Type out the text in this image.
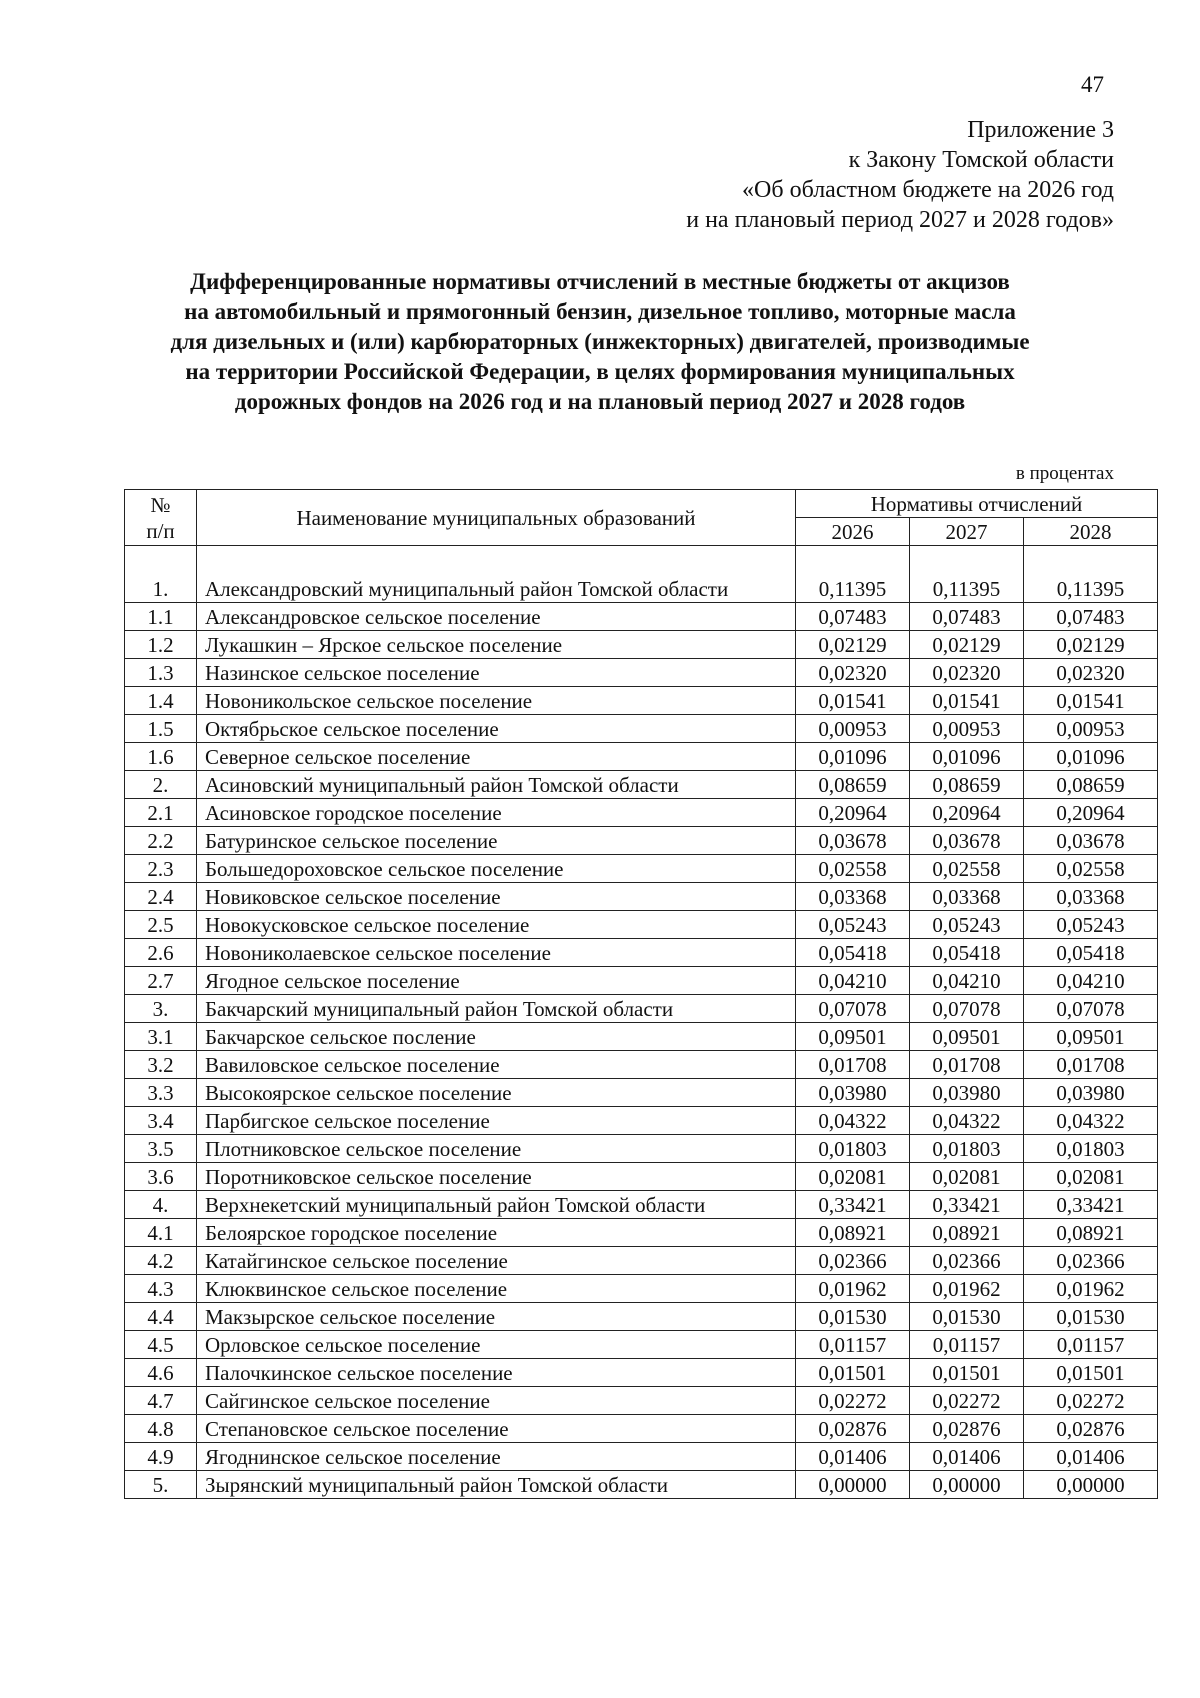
47
Приложение 3
к Закону Томской области
«Об областном бюджете на 2026 год
и на плановый период 2027 и 2028 годов»
Дифференцированные нормативы отчислений в местные бюджеты от акцизов
на автомобильный и прямогонный бензин, дизельное топливо, моторные масла
для дизельных и (или) карбюраторных (инжекторных) двигателей, производимые
на территории Российской Федерации, в целях формирования муниципальных
дорожных фондов на 2026 год и на плановый период 2027 и 2028 годов
в процентах
№
п/п	Наименование муниципальных образований	Нормативы отчислений		
		2026	2027	2028
1.	Александровский муниципальный район Томской области	0,11395	0,11395	0,11395
1.1	Александровское сельское поселение	0,07483	0,07483	0,07483
1.2	Лукашкин – Ярское сельское поселение	0,02129	0,02129	0,02129
1.3	Назинское сельское поселение	0,02320	0,02320	0,02320
1.4	Новоникольское сельское поселение	0,01541	0,01541	0,01541
1.5	Октябрьское сельское поселение	0,00953	0,00953	0,00953
1.6	Северное сельское поселение	0,01096	0,01096	0,01096
2.	Асиновский муниципальный район Томской области	0,08659	0,08659	0,08659
2.1	Асиновское городское поселение	0,20964	0,20964	0,20964
2.2	Батуринское сельское поселение	0,03678	0,03678	0,03678
2.3	Большедороховское сельское поселение	0,02558	0,02558	0,02558
2.4	Новиковское сельское поселение	0,03368	0,03368	0,03368
2.5	Новокусковское сельское поселение	0,05243	0,05243	0,05243
2.6	Новониколаевское сельское поселение	0,05418	0,05418	0,05418
2.7	Ягодное сельское поселение	0,04210	0,04210	0,04210
3.	Бакчарский муниципальный район Томской области	0,07078	0,07078	0,07078
3.1	Бакчарское сельское послениe	0,09501	0,09501	0,09501
3.2	Вавиловское сельское поселение	0,01708	0,01708	0,01708
3.3	Высокоярское сельское поселение	0,03980	0,03980	0,03980
3.4	Парбигское сельское поселение	0,04322	0,04322	0,04322
3.5	Плотниковское сельское поселение	0,01803	0,01803	0,01803
3.6	Поротниковское сельское поселение	0,02081	0,02081	0,02081
4.	Верхнекетский муниципальный район Томской области	0,33421	0,33421	0,33421
4.1	Белоярское городское поселение	0,08921	0,08921	0,08921
4.2	Катайгинское сельское поселение	0,02366	0,02366	0,02366
4.3	Клюквинское сельское поселение	0,01962	0,01962	0,01962
4.4	Макзырское сельское поселение	0,01530	0,01530	0,01530
4.5	Орловское сельское поселение	0,01157	0,01157	0,01157
4.6	Палочкинское сельское поселение	0,01501	0,01501	0,01501
4.7	Сайгинское сельское поселение	0,02272	0,02272	0,02272
4.8	Степановское сельское поселение	0,02876	0,02876	0,02876
4.9	Ягоднинское сельское поселение	0,01406	0,01406	0,01406
5.	Зырянский муниципальный район Томской области	0,00000	0,00000	0,00000
